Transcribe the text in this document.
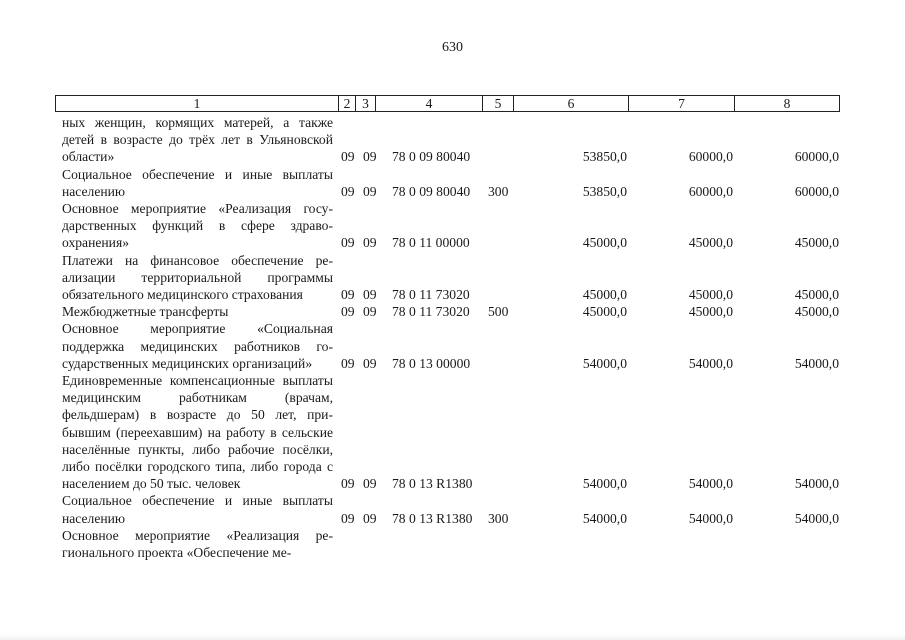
630
1	2 3	4	5	6	7	8
ных женщин, кормящих матерей, а также детей в возрасте до трёх лет в Ульяновской области»	09 09 78 0 09 80040	53850,0	60000,0	60000,0
Социальное обеспечение и иные выплаты населению	09 09 78 0 09 80040 300	53850,0	60000,0	60000,0
Основное мероприятие «Реализация государственных функций в сфере здравоохранения»	09 09 78 0 11 00000	45000,0	45000,0	45000,0
Платежи на финансовое обеспечение реализации территориальной программы обязательного медицинского страхования	09 09 78 0 11 73020	45000,0	45000,0	45000,0
Межбюджетные трансферты	09 09 78 0 11 73020 500	45000,0	45000,0	45000,0
Основное мероприятие «Социальная поддержка медицинских работников государственных медицинских организаций»	09 09 78 0 13 00000	54000,0	54000,0	54000,0
Единовременные компенсационные выплаты медицинским работникам (врачам, фельдшерам) в возрасте до 50 лет, прибывшим (переехавшим) на работу в сельские населённые пункты, либо рабочие посёлки, либо посёлки городского типа, либо города с населением до 50 тыс. человек	09 09 78 0 13 R1380	54000,0	54000,0	54000,0
Социальное обеспечение и иные выплаты населению	09 09 78 0 13 R1380 300	54000,0	54000,0	54000,0
Основное мероприятие «Реализация регионального проекта «Обеспечение ме-
